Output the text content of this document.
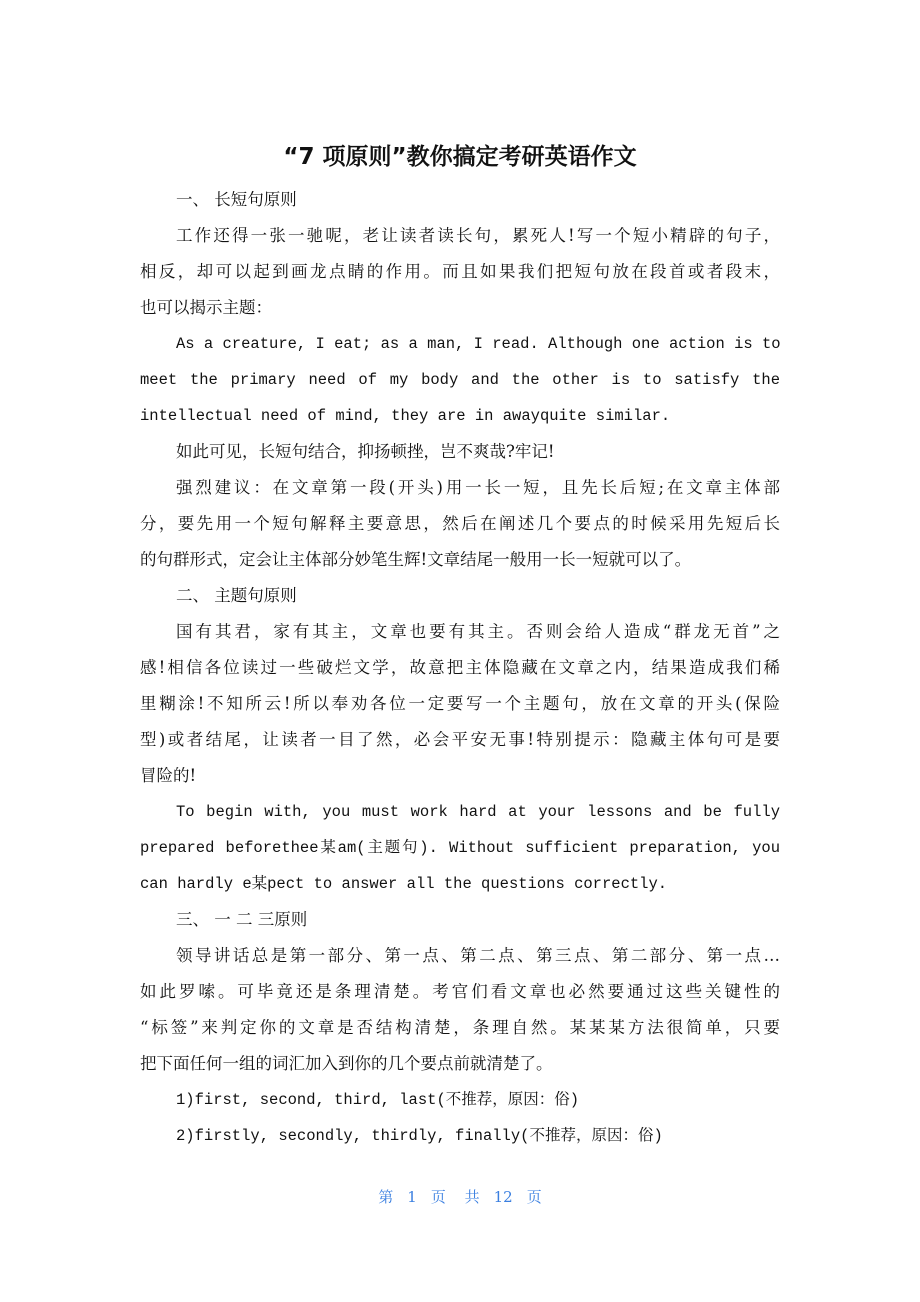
“7 项原则”教你搞定考研英语作文
一、 长短句原则
工作还得一张一驰呢，老让读者读长句，累死人!写一个短小精辟的句子，
相反，却可以起到画龙点睛的作用。而且如果我们把短句放在段首或者段末，
也可以揭示主题：
As a creature, I eat; as a man, I read. Although one action is to
meet the primary need of my body and the other is to satisfy the
intellectual need of mind, they are in awayquite similar.
如此可见，长短句结合，抑扬顿挫，岂不爽哉?牢记!
强烈建议：在文章第一段(开头)用一长一短，且先长后短;在文章主体部
分，要先用一个短句解释主要意思，然后在阐述几个要点的时候采用先短后长
的句群形式，定会让主体部分妙笔生辉!文章结尾一般用一长一短就可以了。
二、 主题句原则
国有其君，家有其主，文章也要有其主。否则会给人造成“群龙无首”之
感!相信各位读过一些破烂文学，故意把主体隐藏在文章之内，结果造成我们稀
里糊涂!不知所云!所以奉劝各位一定要写一个主题句，放在文章的开头(保险
型)或者结尾，让读者一目了然，必会平安无事!特别提示：隐藏主体句可是要
冒险的!
To begin with, you must work hard at your lessons and be fully
prepared beforethee某am(主题句). Without sufficient preparation, you
can hardly e某pect to answer all the questions correctly.
三、 一 二 三原则
领导讲话总是第一部分、第一点、第二点、第三点、第二部分、第一点…
如此罗嗦。可毕竟还是条理清楚。考官们看文章也必然要通过这些关键性的
“标签”来判定你的文章是否结构清楚，条理自然。某某某方法很简单，只要
把下面任何一组的词汇加入到你的几个要点前就清楚了。
1)first, second, third, last(不推荐，原因：俗)
2)firstly, secondly, thirdly, finally(不推荐，原因：俗)
第 1 页 共 12 页
